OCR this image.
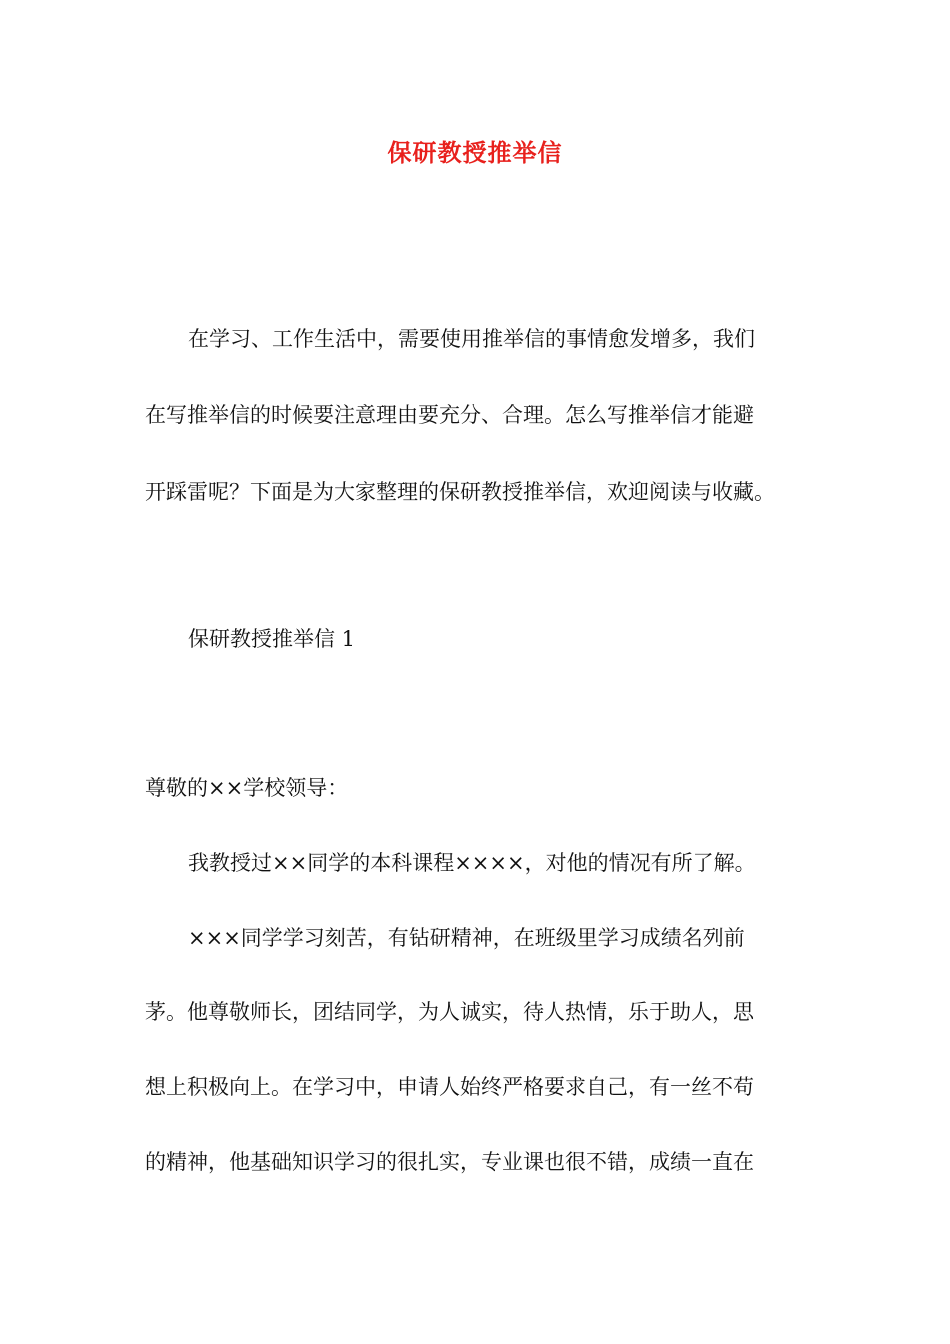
保研教授推举信
在学习、工作生活中，需要使用推举信的事情愈发增多，我们
在写推举信的时候要注意理由要充分、合理。怎么写推举信才能避
开踩雷呢？下面是为大家整理的保研教授推举信，欢迎阅读与收藏。
保研教授推举信 1
尊敬的××学校领导：
我教授过××同学的本科课程××××，对他的情况有所了解。
×××同学学习刻苦，有钻研精神，在班级里学习成绩名列前
茅。他尊敬师长，团结同学，为人诚实，待人热情，乐于助人，思
想上积极向上。在学习中，申请人始终严格要求自己，有一丝不苟
的精神，他基础知识学习的很扎实，专业课也很不错，成绩一直在
